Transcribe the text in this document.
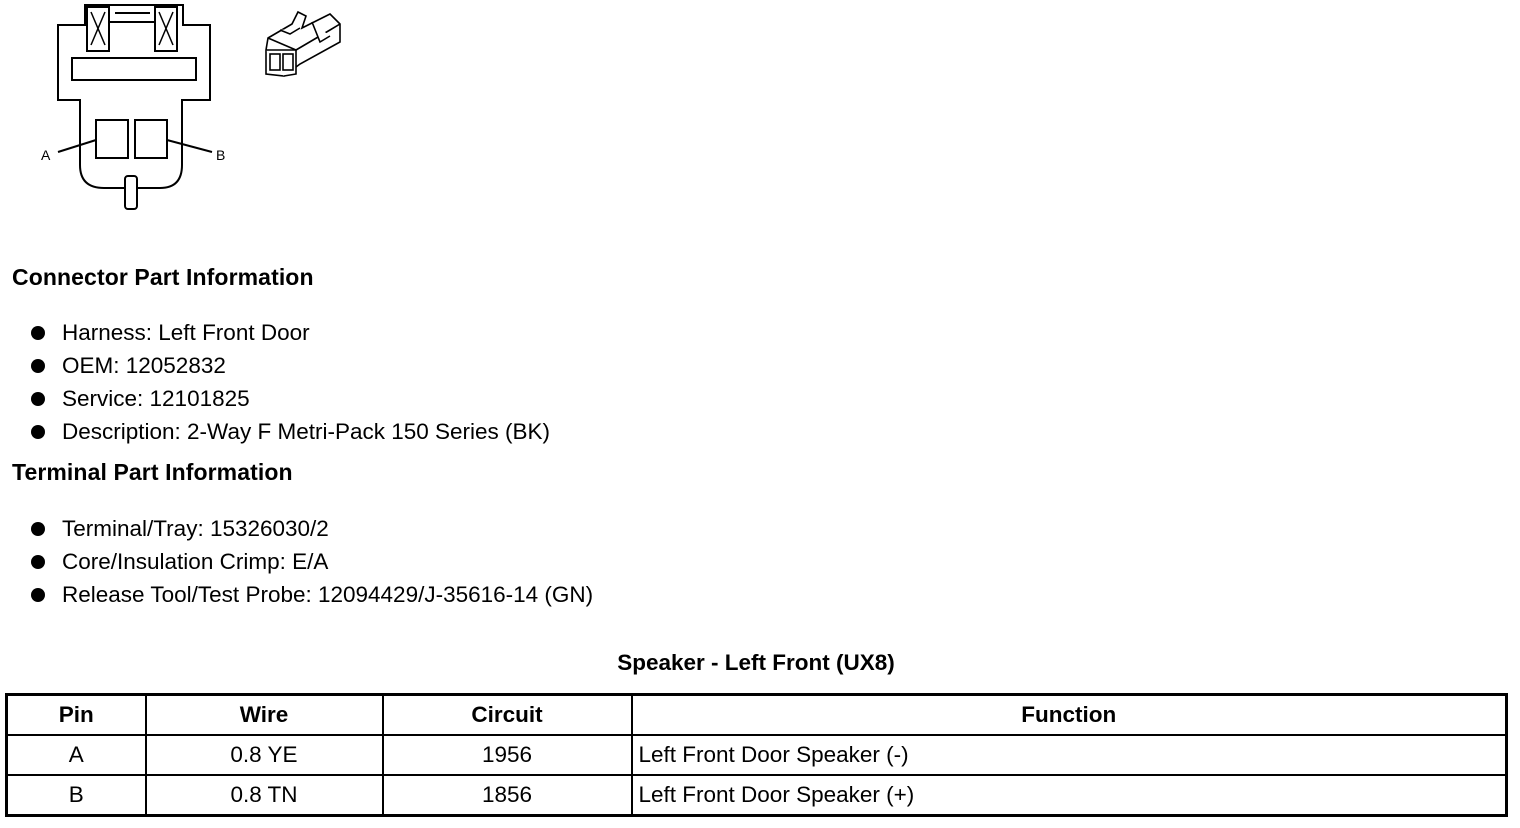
A	B
Connector Part Information
Harness: Left Front Door
OEM: 12052832
Service: 12101825
Description: 2-Way F Metri-Pack 150 Series (BK)
Terminal Part Information
Terminal/Tray: 15326030/2
Core/Insulation Crimp: E/A
Release Tool/Test Probe: 12094429/J-35616-14 (GN)
Speaker - Left Front (UX8)
Pin	Wire	Circuit	Function
A	0.8 YE	1956	Left Front Door Speaker (-)
B	0.8 TN	1856	Left Front Door Speaker (+)
